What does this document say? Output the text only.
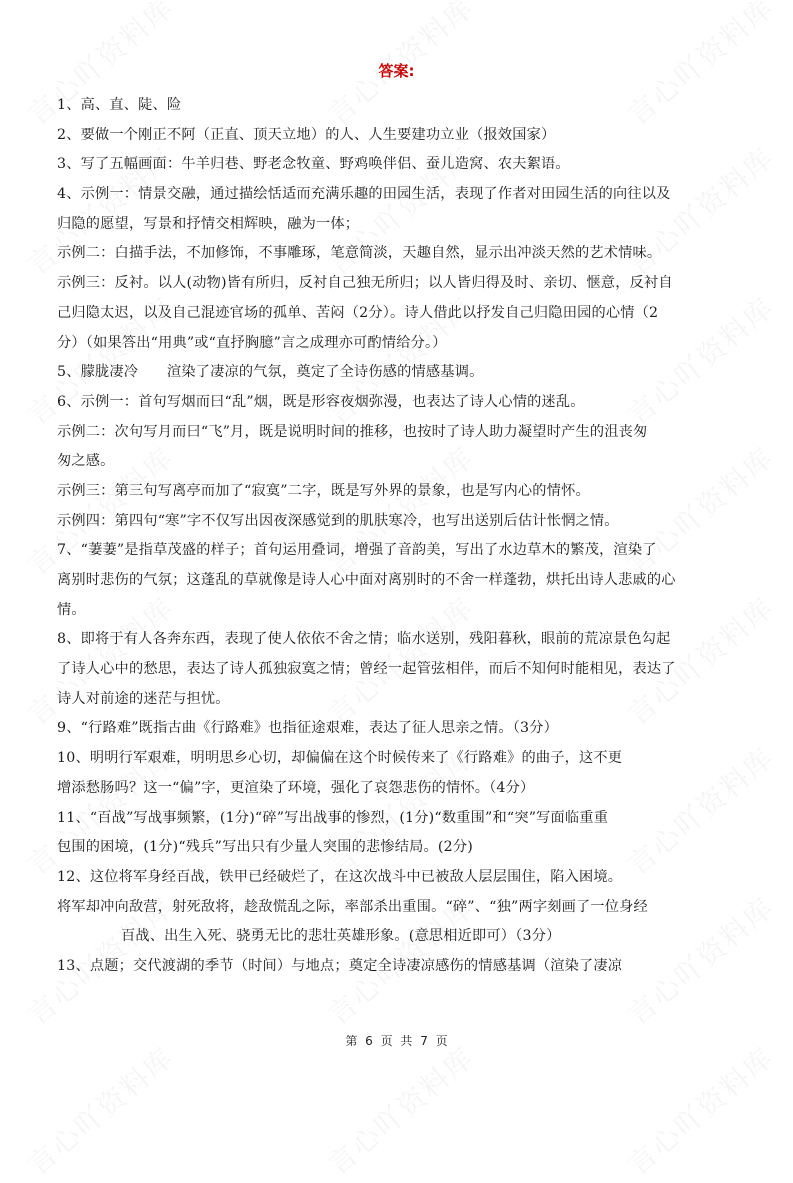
答案:
1、高、直、陡、险
2、要做一个刚正不阿（正直、顶天立地）的人、人生要建功立业（报效国家）
3、写了五幅画面：牛羊归巷、野老念牧童、野鸡唤伴侣、蚕儿造窝、农夫絮语。
4、示例一：情景交融，通过描绘恬适而充满乐趣的田园生活，表现了作者对田园生活的向往以及
归隐的愿望，写景和抒情交相辉映，融为一体；
示例二：白描手法，不加修饰，不事雕琢，笔意简淡，天趣自然，显示出冲淡天然的艺术情味。
示例三：反衬。以人(动物)皆有所归，反衬自己独无所归；以人皆归得及时、亲切、惬意，反衬自
己归隐太迟，以及自己混迹官场的孤单、苦闷（2分）。诗人借此以抒发自己归隐田园的心情（2
分）（如果答出“用典”或“直抒胸臆”言之成理亦可酌情给分。）
5、朦胧凄冷　　渲染了凄凉的气氛，奠定了全诗伤感的情感基调。
6、示例一：首句写烟而曰“乱”烟，既是形容夜烟弥漫，也表达了诗人心情的迷乱。
示例二：次句写月而曰“飞”月，既是说明时间的推移，也按时了诗人助力凝望时产生的沮丧匆
匆之感。
示例三：第三句写离亭而加了“寂寞”二字，既是写外界的景象，也是写内心的情怀。
示例四：第四句“寒”字不仅写出因夜深感觉到的肌肤寒冷，也写出送别后估计怅惘之情。
7、“萋萋”是指草茂盛的样子；首句运用叠词，增强了音韵美，写出了水边草木的繁茂，渲染了
离别时悲伤的气氛；这蓬乱的草就像是诗人心中面对离别时的不舍一样蓬勃，烘托出诗人悲戚的心
情。
8、即将于有人各奔东西，表现了使人依依不舍之情；临水送别，残阳暮秋，眼前的荒凉景色勾起
了诗人心中的愁思，表达了诗人孤独寂寞之情；曾经一起管弦相伴，而后不知何时能相见，表达了
诗人对前途的迷茫与担忧。
9、“行路难”既指古曲《行路难》也指征途艰难，表达了征人思亲之情。（3分）
10、明明行军艰难，明明思乡心切，却偏偏在这个时候传来了《行路难》的曲子，这不更
增添愁肠吗？这一“偏”字，更渲染了环境，强化了哀怨悲伤的情怀。（4分）
11、“百战”写战事频繁，(1分)“碎”写出战事的惨烈，(1分)“数重围”和“突”写面临重重
包围的困境，(1分)“残兵”写出只有少量人突围的悲惨结局。(2分)
12、这位将军身经百战，铁甲已经破烂了，在这次战斗中已被敌人层层围住，陷入困境。
将军却冲向敌营，射死敌将，趁敌慌乱之际，率部杀出重围。“碎”、“独”两字刻画了一位身经
百战、出生入死、骁勇无比的悲壮英雄形象。(意思相近即可）（3分）
13、点题；交代渡湖的季节（时间）与地点；奠定全诗凄凉感伤的情感基调（渲染了凄凉
第 6 页 共 7 页
